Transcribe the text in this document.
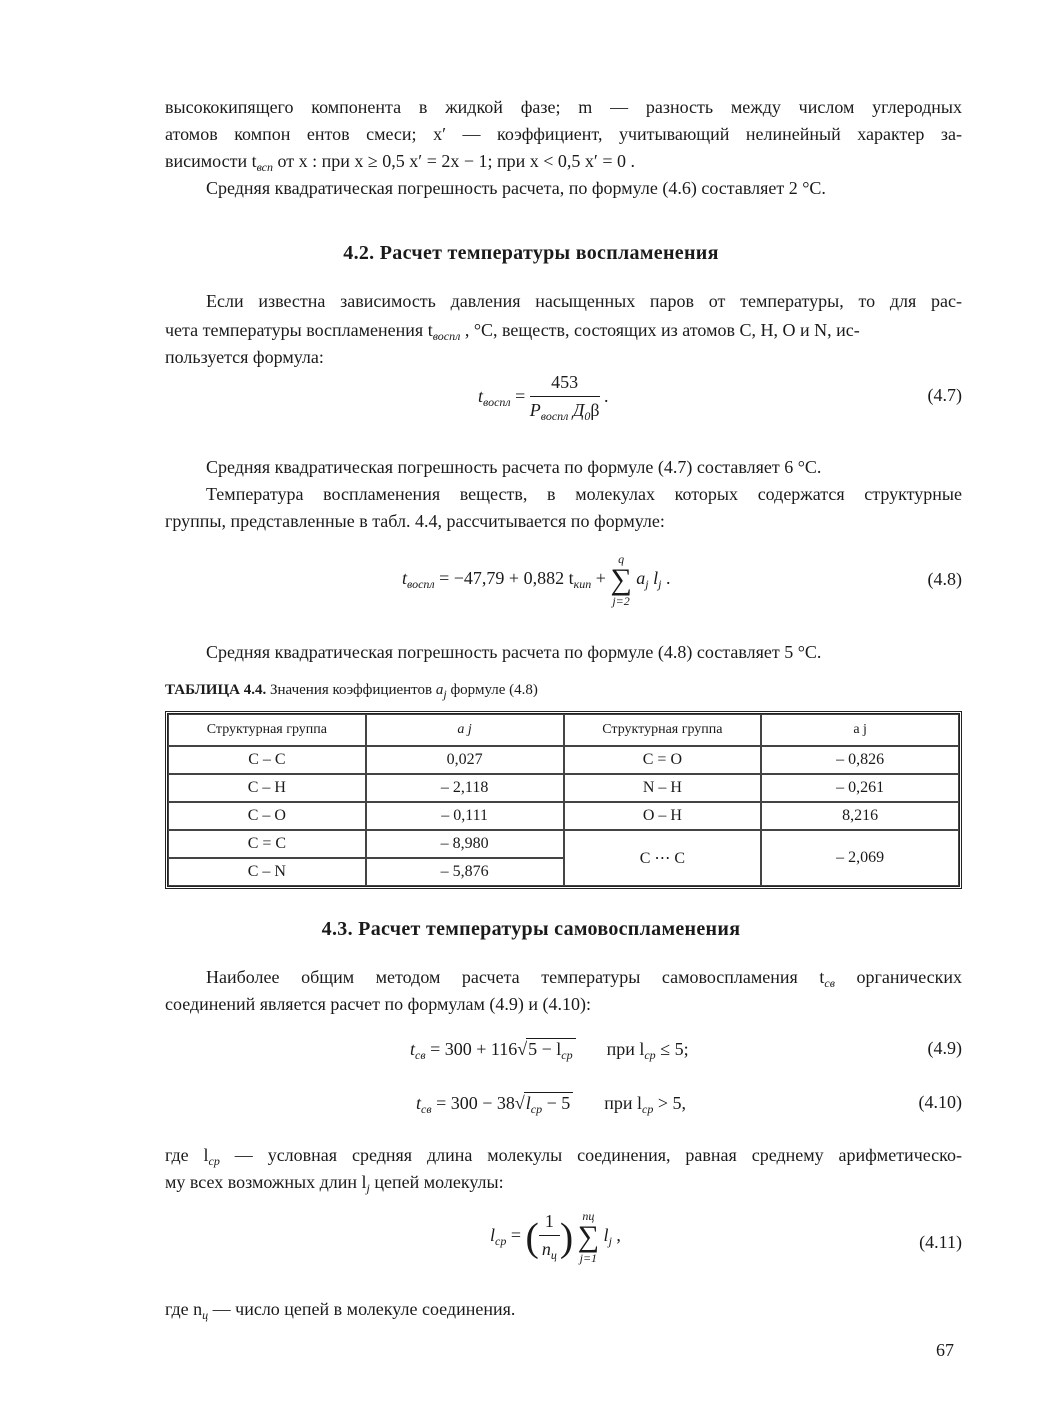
высококипящего компонента в жидкой фазе; m — разность между числом углеродных
атомов компон ентов смеси; x′ — коэффициент, учитывающий нелинейный характер за-
висимости $t_{всп}$ от x : при x ≥ 0,5 x′ = 2x − 1; при x < 0,5 x′ = 0 .
Средняя квадратическая погрешность расчета, по формуле (4.6) составляет 2 °С.
4.2. Расчет температуры воспламенения
Если известна зависимость давления насыщенных паров от температуры, то для рас-
чета температуры воспламенения $t_{воспл}$ , °С, веществ, состоящих из атомов С, H, O и N, ис-
пользуется формула:
$t_{воспл} = \frac{453}{P_{воспл} Д_0\beta}$ .	(4.7)
Средняя квадратическая погрешность расчета по формуле (4.7) составляет 6 °С.
Температура воспламенения веществ, в молекулах которых содержатся структурные
группы, представленные в табл. 4.4, рассчитывается по формуле:
$t_{воспл} = -47,79 + 0,882$ $t_{кип}$ +
q
∑
j=2
$a_j$ $l_j$ .	(4.8)
Средняя квадратическая погрешность расчета по формуле (4.8) составляет 5 °С.
ТАБЛИЦА 4.4. Значения коэффициентов $a_j$ формуле (4.8)
Структурная группа	a j	Структурная группа	a j
C – C	0,027	C = O	– 0,826
C – H	– 2,118	N – H	– 0,261
C – O	– 0,111	O – H	8,216
C = C	– 8,980	C ⋯ C	– 2,069
C – N	– 5,876		
4.3. Расчет температуры самовоспламенения
Наиболее общим методом расчета температуры самовоспламения $t_{св}$ органических
соединений является расчет по формулам (4.9) и (4.10):
$t_{св} = 300 + 116√5 - l_{ср}$ при $l_{ср} \le 5$;	(4.9)
$t_{св} = 300 - 38√l_{ср} - 5$ при $l_{ср} > 5$,	(4.10)
где $l_{ср}$ — условная средняя длина молекулы соединения, равная среднему арифметическо-
му всех возможных длин $l_j$ цепей молекулы:
$l_{ср}$ = ( $\frac{1}{n_ц}$ ) nц
∑
j=1
$l_j$ ,	(4.11)
где $n_ц$ — число цепей в молекуле соединения.
67
